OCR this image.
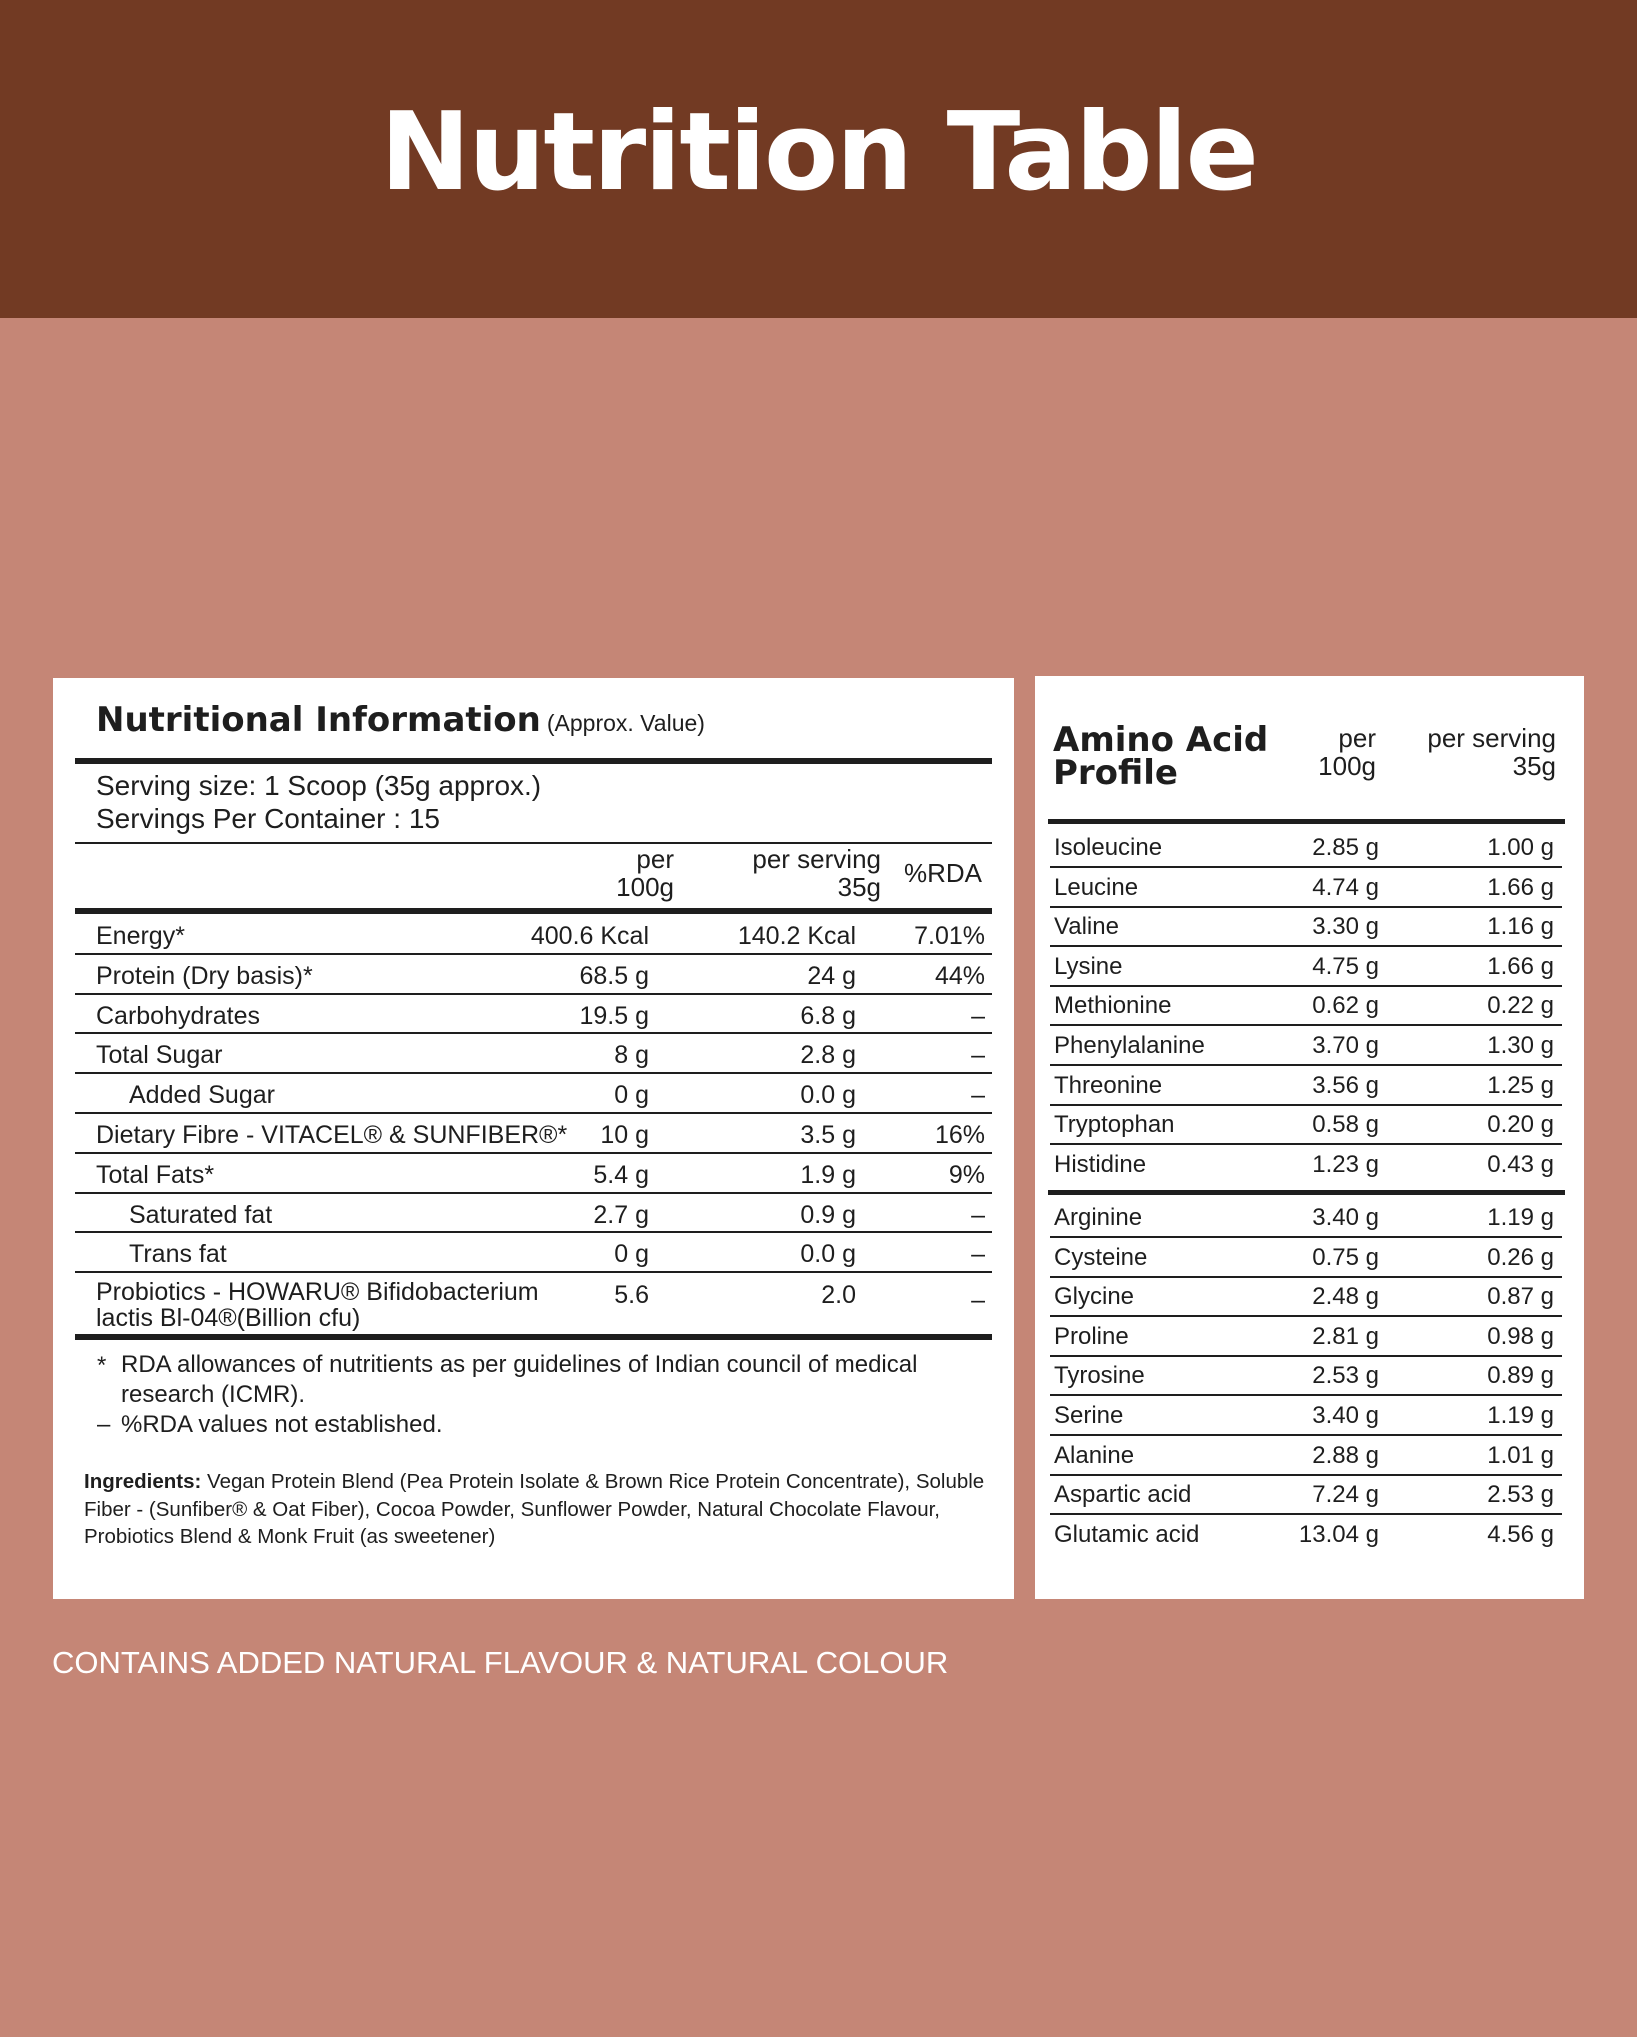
Nutrition Table
Nutritional Information (Approx. Value)
Serving size: 1 Scoop (35g approx.)
Servings Per Container : 15
per
100g
per serving
35g %RDA
Energy*	400.6 Kcal	140.2 Kcal 7.01%
Protein (Dry basis)*	68.5 g	24 g	44%
Carbohydrates	19.5 g	6.8 g	–
Total Sugar	8 g	2.8 g	–
Added Sugar	0 g	0.0 g	–
Dietary Fibre - VITACEL® & SUNFIBER®* 10 g	3.5 g	16%
Total Fats*	5.4 g	1.9 g	9%
Saturated fat	2.7 g	0.9 g	–
Trans fat	0 g	0.0 g	–
Probiotics - HOWARU® Bifidobacterium
lactis Bl-04®(Billion cfu)
5.6	2.0	–
* RDA allowances of nutritients as per guidelines of Indian council of medical
research (ICMR).
– %RDA values not established.
Ingredients: Vegan Protein Blend (Pea Protein Isolate & Brown Rice Protein Concentrate), Soluble Fiber - (Sunfiber® & Oat Fiber), Cocoa Powder, Sunflower Powder, Natural Chocolate Flavour, Probiotics Blend & Monk Fruit (as sweetener)
Amino Acid
Profile
per
100g
per serving
35g
Isoleucine	2.85 g	1.00 g
Leucine	4.74 g	1.66 g
Valine	3.30 g	1.16 g
Lysine	4.75 g	1.66 g
Methionine	0.62 g	0.22 g
Phenylalanine	3.70 g	1.30 g
Threonine	3.56 g	1.25 g
Tryptophan	0.58 g	0.20 g
Histidine	1.23 g	0.43 g
Arginine	3.40 g	1.19 g
Cysteine	0.75 g	0.26 g
Glycine	2.48 g	0.87 g
Proline	2.81 g	0.98 g
Tyrosine	2.53 g	0.89 g
Serine	3.40 g	1.19 g
Alanine	2.88 g	1.01 g
Aspartic acid	7.24 g	2.53 g
Glutamic acid	13.04 g	4.56 g
CONTAINS ADDED NATURAL FLAVOUR & NATURAL COLOUR
